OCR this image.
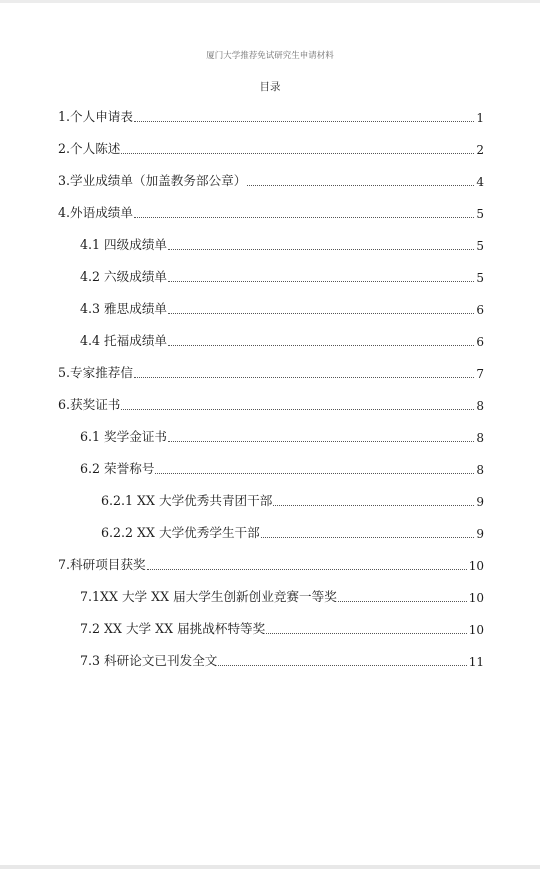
厦门大学推荐免试研究生申请材料
目录
1.个人申请表	1
2.个人陈述	2
3.学业成绩单（加盖教务部公章）	4
4.外语成绩单	5
4.1 四级成绩单	5
4.2 六级成绩单	5
4.3 雅思成绩单	6
4.4 托福成绩单	6
5.专家推荐信	7
6.获奖证书	8
6.1 奖学金证书	8
6.2 荣誉称号	8
6.2.1 XX 大学优秀共青团干部	9
6.2.2 XX 大学优秀学生干部	9
7.科研项目获奖	10
7.1XX 大学 XX 届大学生创新创业竞赛一等奖	10
7.2 XX 大学 XX 届挑战杯特等奖	10
7.3 科研论文已刊发全文	11
